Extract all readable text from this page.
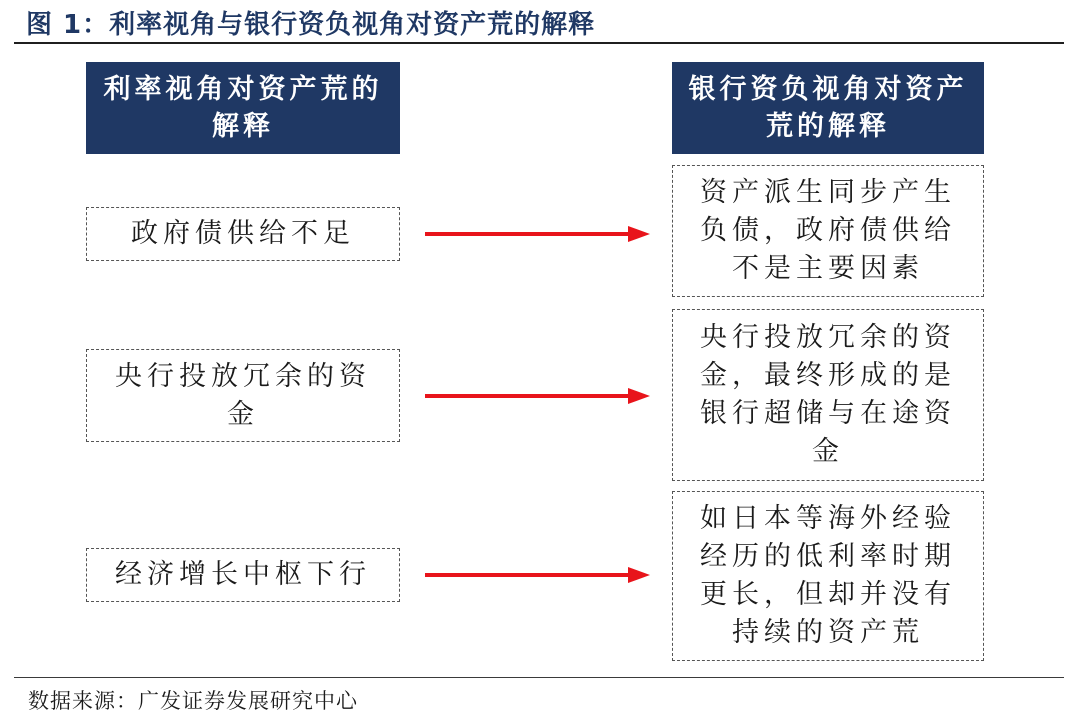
图 1：利率视角与银行资负视角对资产荒的解释
利率视角对资产荒的解释
银行资负视角对资产荒的解释
政府债供给不足
资产派生同步产生负债，政府债供给不是主要因素
央行投放冗余的资金
央行投放冗余的资金，最终形成的是银行超储与在途资金
经济增长中枢下行
如日本等海外经验经历的低利率时期更长，但却并没有持续的资产荒
数据来源：广发证券发展研究中心
